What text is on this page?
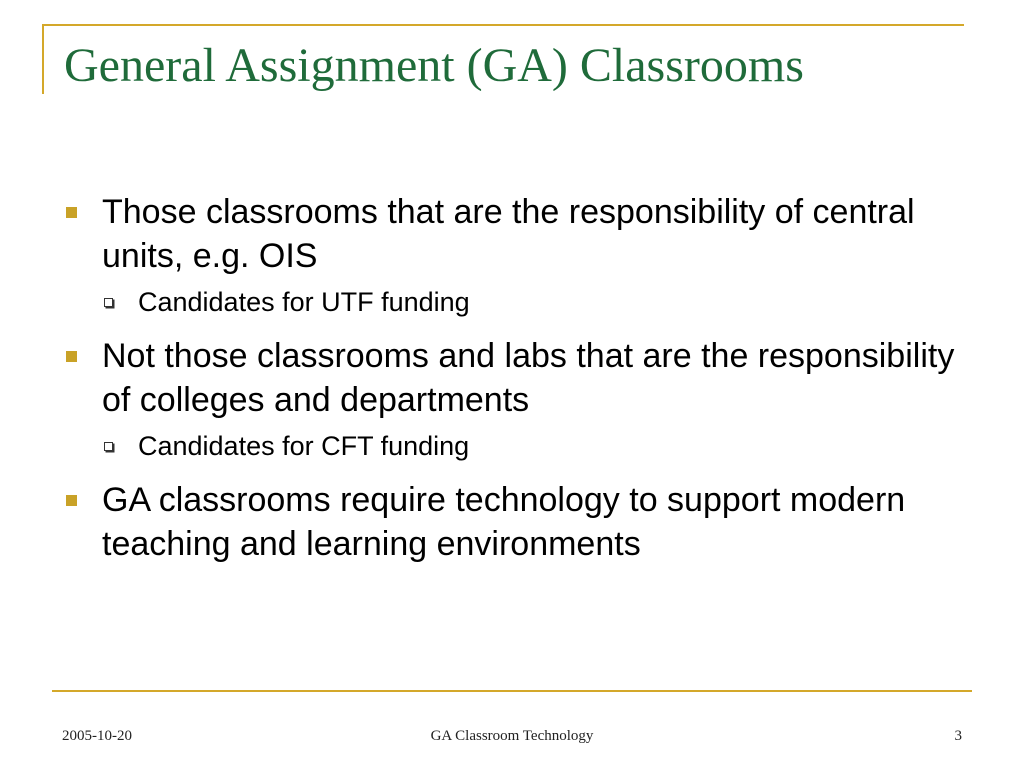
General Assignment (GA) Classrooms
Those classrooms that are the responsibility of central units, e.g. OIS
Candidates for UTF funding
Not those classrooms and labs that are the responsibility of colleges and departments
Candidates for CFT funding
GA classrooms require technology to support modern teaching and learning environments
2005-10-20	GA Classroom Technology	3
